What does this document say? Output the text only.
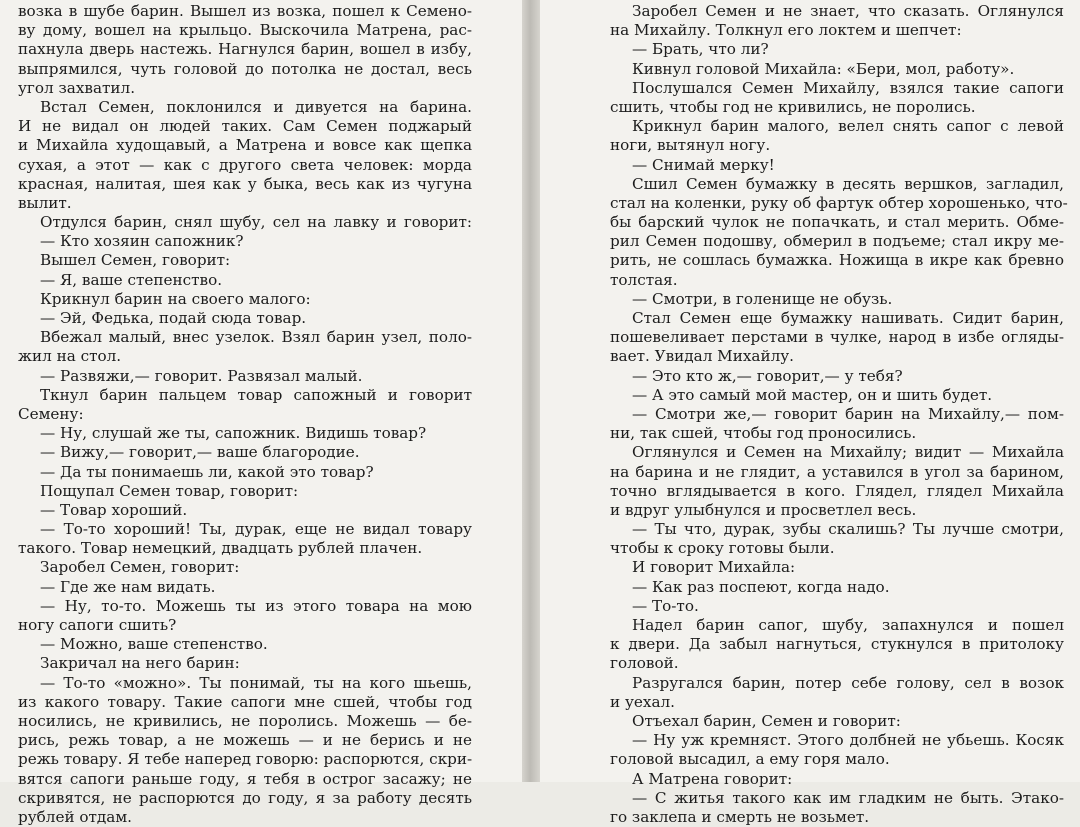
возка в шубе барин. Вышел из возка, пошел к Семено-
ву дому, вошел на крыльцо. Выскочила Матрена, рас-
пахнула дверь настежь. Нагнулся барин, вошел в избу,
выпрямился, чуть головой до потолка не достал, весь
угол захватил.
Встал Семен, поклонился и дивуется на барина.
И не видал он людей таких. Сам Семен поджарый
и Михайла худощавый, а Матрена и вовсе как щепка
сухая, а этот — как с другого света человек: морда
красная, налитая, шея как у быка, весь как из чугуна
вылит.
Отдулся барин, снял шубу, сел на лавку и говорит:
— Кто хозяин сапожник?
Вышел Семен, говорит:
— Я, ваше степенство.
Крикнул барин на своего малого:
— Эй, Федька, подай сюда товар.
Вбежал малый, внес узелок. Взял барин узел, поло-
жил на стол.
— Развяжи,— говорит. Развязал малый.
Ткнул барин пальцем товар сапожный и говорит
Семену:
— Ну, слушай же ты, сапожник. Видишь товар?
— Вижу,— говорит,— ваше благородие.
— Да ты понимаешь ли, какой это товар?
Пощупал Семен товар, говорит:
— Товар хороший.
— То-то хороший! Ты, дурак, еще не видал товару
такого. Товар немецкий, двадцать рублей плачен.
Заробел Семен, говорит:
— Где же нам видать.
— Ну, то-то. Можешь ты из этого товара на мою
ногу сапоги сшить?
— Можно, ваше степенство.
Закричал на него барин:
— То-то «можно». Ты понимай, ты на кого шьешь,
из какого товару. Такие сапоги мне сшей, чтобы год
носились, не кривились, не поролись. Можешь — бе-
рись, режь товар, а не можешь — и не берись и не
режь товару. Я тебе наперед говорю: распорются, скри-
вятся сапоги раньше году, я тебя в острог засажу; не
скривятся, не распорются до году, я за работу десять
рублей отдам.
Заробел Семен и не знает, что сказать. Оглянулся
на Михайлу. Толкнул его локтем и шепчет:
— Брать, что ли?
Кивнул головой Михайла: «Бери, мол, работу».
Послушался Семен Михайлу, взялся такие сапоги
сшить, чтобы год не кривились, не поролись.
Крикнул барин малого, велел снять сапог с левой
ноги, вытянул ногу.
— Снимай мерку!
Сшил Семен бумажку в десять вершков, загладил,
стал на коленки, руку об фартук обтер хорошенько, что-
бы барский чулок не попачкать, и стал мерить. Обме-
рил Семен подошву, обмерил в подъеме; стал икру ме-
рить, не сошлась бумажка. Ножища в икре как бревно
толстая.
— Смотри, в голенище не обузь.
Стал Семен еще бумажку нашивать. Сидит барин,
пошевеливает перстами в чулке, народ в избе огляды-
вает. Увидал Михайлу.
— Это кто ж,— говорит,— у тебя?
— А это самый мой мастер, он и шить будет.
— Смотри же,— говорит барин на Михайлу,— пом-
ни, так сшей, чтобы год проносились.
Оглянулся и Семен на Михайлу; видит — Михайла
на барина и не глядит, а уставился в угол за барином,
точно вглядывается в кого. Глядел, глядел Михайла
и вдруг улыбнулся и просветлел весь.
— Ты что, дурак, зубы скалишь? Ты лучше смотри,
чтобы к сроку готовы были.
И говорит Михайла:
— Как раз поспеют, когда надо.
— То-то.
Надел барин сапог, шубу, запахнулся и пошел
к двери. Да забыл нагнуться, стукнулся в притолоку
головой.
Разругался барин, потер себе голову, сел в возок
и уехал.
Отъехал барин, Семен и говорит:
— Ну уж кремняст. Этого долбней не убьешь. Косяк
головой высадил, а ему горя мало.
А Матрена говорит:
— С житья такого как им гладким не быть. Этако-
го заклепа и смерть не возьмет.
